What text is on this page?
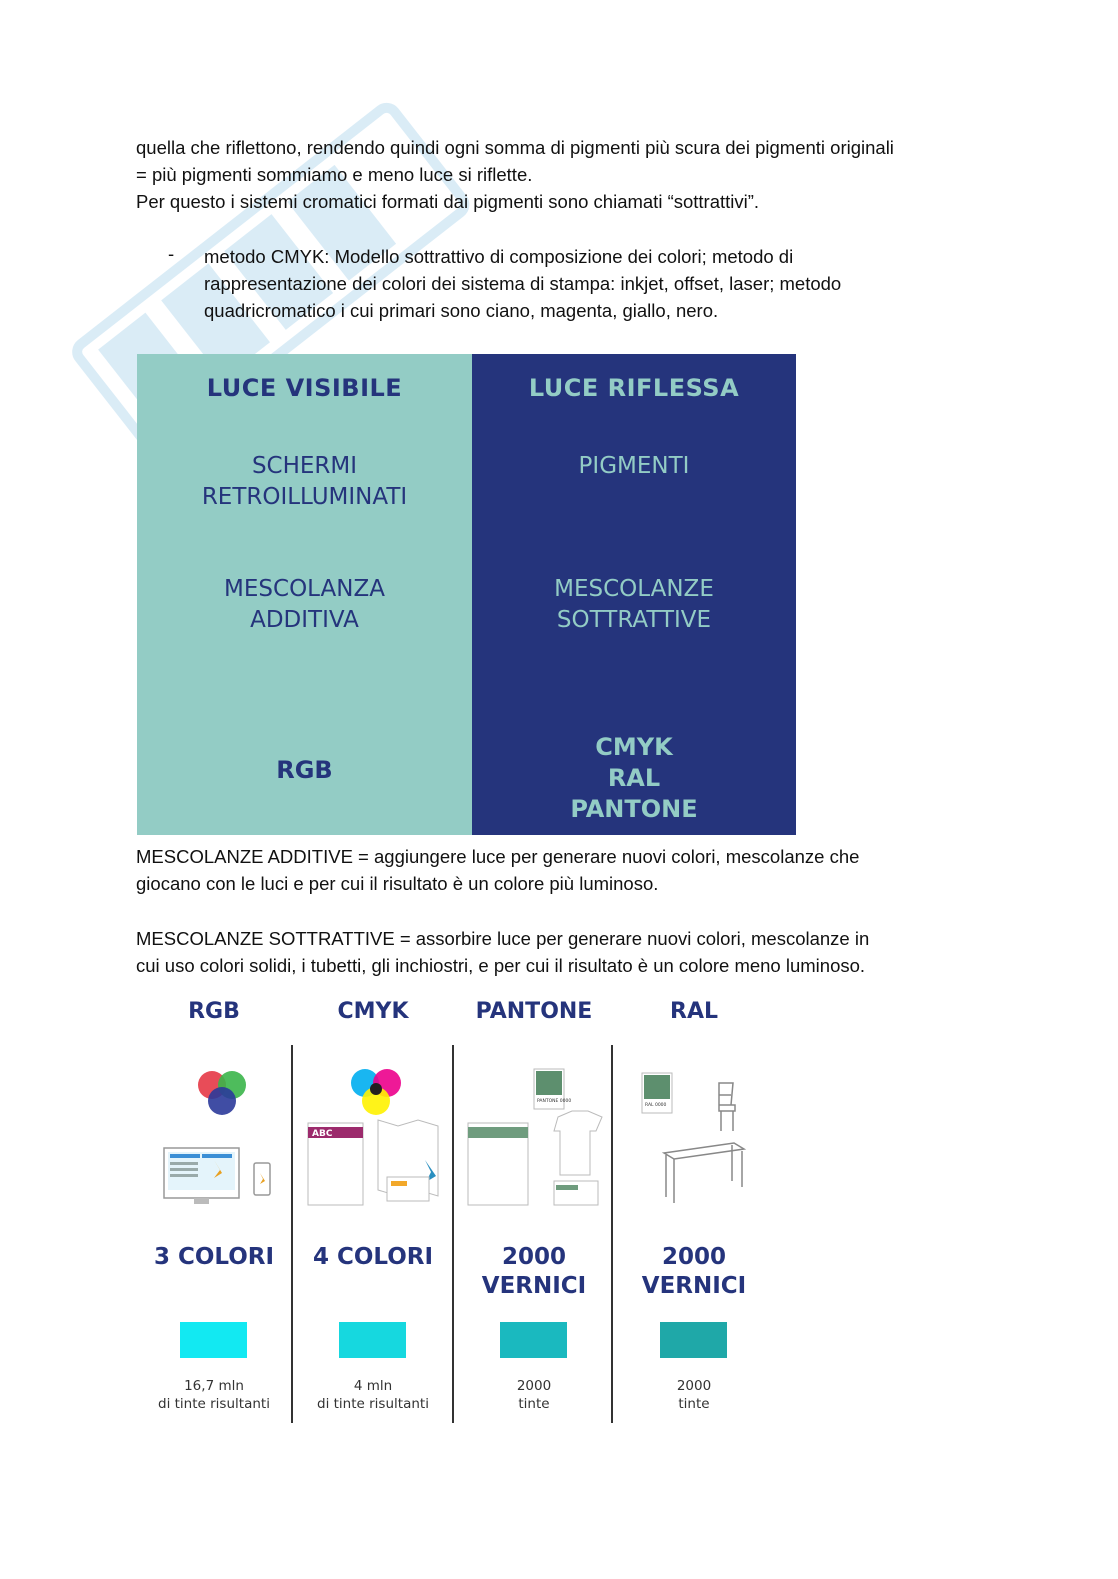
quella che riflettono, rendendo quindi ogni somma di pigmenti più scura dei pigmenti originali

= più pigmenti sommiamo e meno luce si riflette.

Per questo i sistemi cromatici formati dai pigmenti sono chiamati “sottrattivi”.

- metodo CMYK: Modello sottrattivo di composizione dei colori; metodo di
rappresentazione dei colori dei sistema di stampa: inkjet, offset, laser; metodo
quadricromatico i cui primari sono ciano, magenta, giallo, nero.
LUCE VISIBILE
SCHERMI
RETROILLUMINATI
MESCOLANZA
ADDITIVA
RGB
LUCE RIFLESSA
PIGMENTI
MESCOLANZE
SOTTRATTIVE
CMYK
RAL
PANTONE

MESCOLANZE ADDITIVE = aggiungere luce per generare nuovi colori, mescolanze che

giocano con le luci e per cui il risultato è un colore più luminoso.

MESCOLANZE SOTTRATTIVE = assorbire luce per generare nuovi colori, mescolanze in

cui uso colori solidi, i tubetti, gli inchiostri, e per cui il risultato è un colore meno luminoso.

RGB
3 COLORI
16,7 mln
di tinte risultanti
CMYK
ABC
4 COLORI
4 mln
di tinte risultanti
PANTONE
PANTONE 0000
2000
VERNICI
2000
tinte
RAL
RAL 0000
2000
VERNICI
2000
tinte
